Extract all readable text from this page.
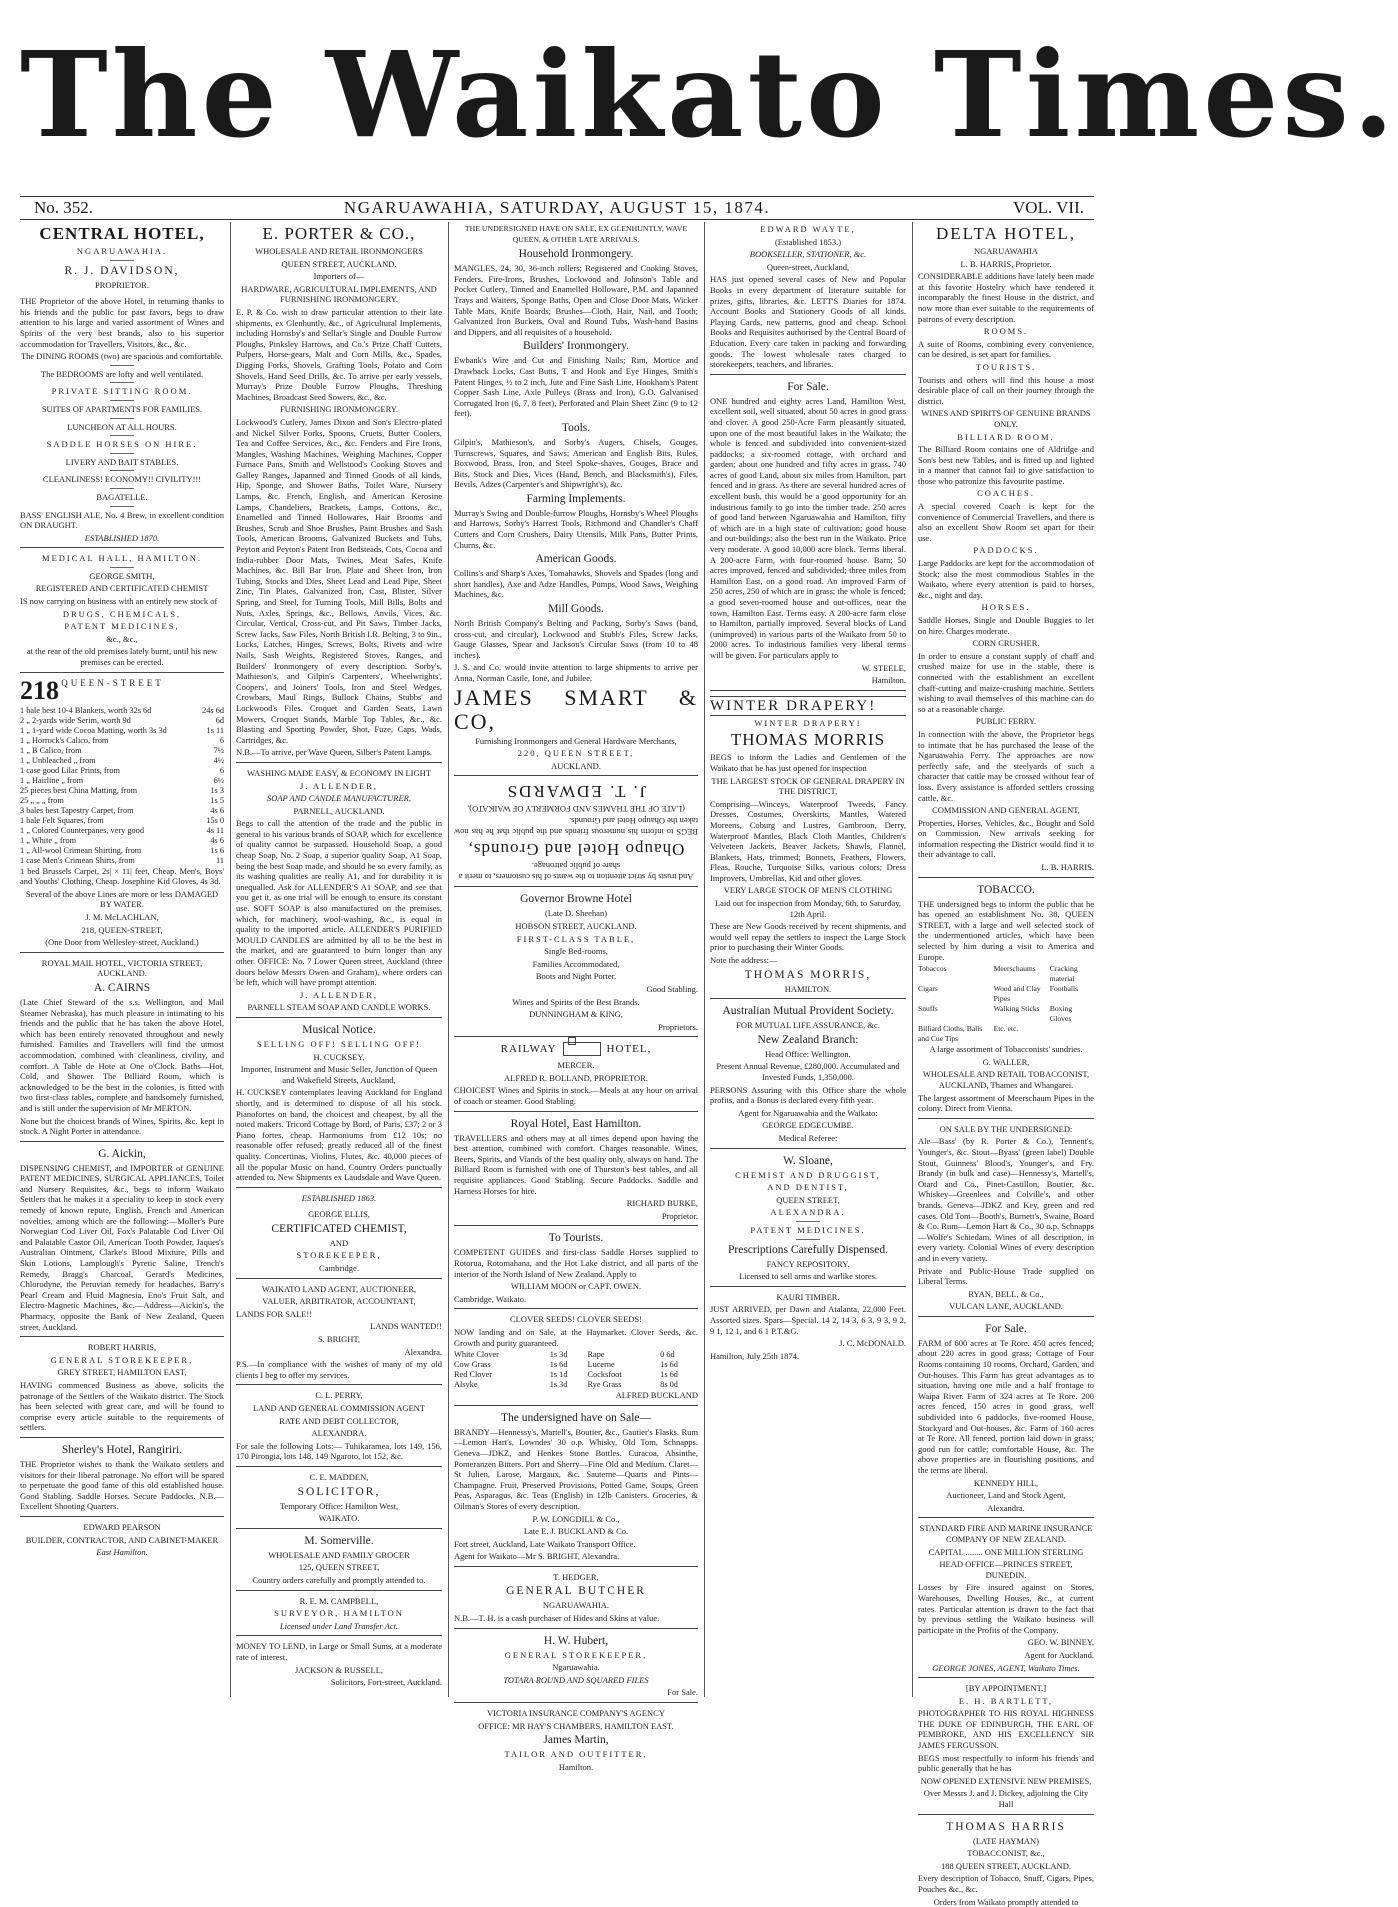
The Waikato Times.
No. 352.	NGARUAWAHIA, SATURDAY, AUGUST 15, 1874.	VOL. VII.

CENTRAL HOTEL,

NGARUAWAHIA.

R. J. DAVIDSON,

PROPRIETOR.

THE Proprietor of the above Hotel, in returning thanks to his friends and the public for past favors, begs to draw attention to his large and varied assortment of Wines and Spirits of the very best brands, also to his superior accommodation for Travellers, Visitors, &c., &c.

The DINING ROOMS (two) are spacious and comfortable.

The BEDROOMS are lofty and well ventilated.

PRIVATE SITTING ROOM.

SUITES OF APARTMENTS FOR FAMILIES.

LUNCHEON AT ALL HOURS.

SADDLE HORSES ON HIRE.

LIVERY AND BAIT STABLES.

CLEANLINESS! ECONOMY!! CIVILITY!!!

BAGATELLE.

BASS' ENGLISH ALE, No. 4 Brew, in excellent condition ON DRAUGHT.

ESTABLISHED 1870.

MEDICAL HALL, HAMILTON.

GEORGE SMITH,

REGISTERED AND CERTIFICATED CHEMIST

IS now carrying on business with an entirely new stock of

DRUGS, CHEMICALS,

PATENT MEDICINES,

&c., &c.,

at the rear of the old premises lately burnt, until his new premises can be erected.

218 QUEEN-STREET

1 bale best 10-4 Blankets, worth 32s 6d	24s 6d
2 „ 2-yards wide Serim, worth 9d	6d
1 „ 1-yard wide Cocoa Matting, worth 3s 3d	1s 11
1 „ Horrock's Calico, from	6
1 „ B Calico, from	7½
1 „ Unbleached „ from	4½
1 case good Lilac Prints, from	6
1 „ Hairline „ from	6½
25 pieces best China Matting, from	1s 3
25 „ „ „ from	1s 5
3 bales best Tapestry Carpet, from	4s 6
1 bale Felt Squares, from	15s 0
1 „ Colored Counterpanes, very good	4s 11
1 „ White „ from	4s 6
1 „ All-wool Crimean Shirting, from	1s 6
1 case Men's Crimean Shirts, from	11

1 bed Brussels Carpet, 2s| × 11| feet, Cheap. Men's, Boys' and Youths' Clothing, Cheap. Josephine Kid Gloves, 4s 3d.

Several of the above Lines are more or less DAMAGED BY WATER.

J. M. McLACHLAN,

218, QUEEN-STREET,

(One Door from Wellesley-street, Auckland.)

ROYAL MAIL HOTEL, VICTORIA STREET, AUCKLAND.

A. CAIRNS

(Late Chief Steward of the s.s. Wellington, and Mail Steamer Nebraska), has much pleasure in intimating to his friends and the public that he has taken the above Hotel, which has been entirely renovated throughout and newly furnished. Families and Travellers will find the utmost accommodation, combined with cleanliness, civility, and comfort. A Table de Hote at One o'Clock. Baths—Hot, Cold, and Shower. The Billiard Room, which is acknowledged to be the best in the colonies, is fitted with two first-class tables, complete and handsomely furnished, and is still under the supervision of Mr MERTON.

None but the choicest brands of Wines, Spirits, &c. kept in stock. A Night Porter in attendance.

G. Aickin,

DISPENSING CHEMIST, and IMPORTER of GENUINE PATENT MEDICINES, SURGICAL APPLIANCES, Toilet and Nursery Requisites, &c., begs to inform Waikato Settlers that he makes it a speciality to keep in stock every remedy of known repute, English, French and American novelties, among which are the following:—Moller's Pure Norwegian Cod Liver Oil, Fox's Palatable Cod Liver Oil and Palatable Castor Oil, American Tooth Powder, Jaques's Australian Ointment, Clarke's Blood Mixture, Pills and Skin Lotions, Lamplough's Pyretic Saline, Trench's Remedy, Bragg's Charcoal, Gerard's Medicines, Chlorodyne, the Peruvian remedy for headaches, Barry's Pearl Cream and Fluid Magnesia, Eno's Fruit Salt, and Electro-Magnetic Machines, &c.—Address—Aickin's, the Pharmacy, opposite the Bank of New Zealand, Queen street, Auckland.

ROBERT HARRIS,

GENERAL STOREKEEPER,

GREY STREET, HAMILTON EAST,

HAVING commenced Business as above, solicits the patronage of the Settlers of the Waikato district. The Stock has been selected with great care, and will be found to comprise every article suitable to the requirements of settlers.

Sherley's Hotel, Rangiriri.

THE Proprietor wishes to thank the Waikato settlers and visitors for their liberal patronage. No effort will be spared to perpetuate the good fame of this old established house. Good Stabling. Saddle Horses. Secure Paddocks. N.B.—Excellent Shooting Quarters.

EDWARD PEARSON

BUILDER, CONTRACTOR, AND CABINET-MAKER

East Hamilton.

E. PORTER & CO.,

WHOLESALE AND RETAIL IRONMONGERS

QUEEN STREET, AUCKLAND.

Importers of—

HARDWARE, AGRICULTURAL IMPLEMENTS, AND FURNISHING IRONMONGERY.

E. P. & Co. wish to draw particular attention to their late shipments, ex Glenhuntly, &c., of Agricultural Implements, including Hornsby's and Sellar's Single and Double Furrow Ploughs, Pinksley Harrows, and Co.'s Prize Chaff Cutters, Pulpers, Horse-gears, Malt and Corn Mills, &c., Spades, Digging Forks, Shovels, Grafting Tools, Potato and Corn Shovels, Hand Seed Drills, &c. To arrive per early vessels, Murray's Prize Double Furrow Ploughs, Threshing Machines, Broadcast Seed Sowers, &c., &c.

FURNISHING IRONMONGERY.

Lockwood's Cutlery, James Dixon and Son's Electro-plated and Nickel Silver Forks, Spoons, Cruets, Butter Coolers, Tea and Coffee Services, &c., &c. Fenders and Fire Irons, Mangles, Washing Machines, Weighing Machines, Copper Furnace Pans, Smith and Wellstood's Cooking Stoves and Galley Ranges, Japanned and Tinned Goods of all kinds, Hip, Sponge, and Shower Baths, Toilet Ware, Nursery Lamps, &c. French, English, and American Kerosine Lamps, Chandeliers, Brackets, Lamps, Cottons, &c., Enamelled and Tinned Hollowares, Hair Brooms and Brushes, Scrub and Shoe Brushes, Paint Brushes and Sash Tools, American Brooms, Galvanized Buckets and Tubs, Peyton and Peyton's Patent Iron Bedsteads, Cots, Cocoa and India-rubber Door Mats, Twines, Meat Safes, Knife Machines, &c. Bill Bar Iron, Plate and Sheet Iron, Iron Tubing, Stocks and Dies, Sheet Lead and Lead Pipe, Sheet Zinc, Tin Plates, Galvanized Iron, Cast, Blister, Silver Spring, and Steel, for Turning Tools, Mill Bills, Bolts and Nuts, Axles, Springs, &c., Bellows, Anvils, Vices, &c. Circular, Vertical, Cross-cut, and Pit Saws, Timber Jacks, Screw Jacks, Saw Files, North British I.R. Belting, 3 to 9in., Locks, Latches, Hinges, Screws, Bolts, Rivets and wire Nails, Sash Weights, Registered Stoves, Ranges, and Builders' Ironmongery of every description. Sorby's, Mathieson's, and Gilpin's Carpenters', Wheelwrights', Coopers', and Joiners' Tools, Iron and Steel Wedges, Crowbars, Maul Rings, Bullock Chains, Stubbs' and Lockwood's Files. Croquet and Garden Seats, Lawn Mowers, Croquet Stands, Marble Top Tables, &c., &c. Blasting and Sporting Powder, Shot, Fuze, Caps, Wads, Cartridges, &c.

N.B.—To arrive, per Wave Queen, Silber's Patent Lamps.

WASHING MADE EASY, & ECONOMY IN LIGHT

J. ALLENDER,

SOAP AND CANDLE MANUFACTURER,

PARNELL, AUCKLAND.

Begs to call the attention of the trade and the public in general to his various brands of SOAP, which for excellence of quality cannot be surpassed. Household Soap, a good cheap Soap, No. 2 Soap, a superior quality Soap, A1 Soap, being the best Soap made, and should be so every family, as its washing qualities are really A1, and for durability it is unequalled. Ask for ALLENDER'S A1 SOAP, and see that you get it, as one trial will be enough to ensure its constant use. SOFT SOAP is also manufactured on the premises, which, for machinery, wool-washing, &c., is equal in quality to the imported article. ALLENDER'S PURIFIED MOULD CANDLES are admitted by all to be the best in the market, and are guaranteed to burn longer than any other. OFFICE: No. 7 Lower Queen street, Auckland (three doors below Messrs Owen and Graham), where orders can be left, which will have prompt attention.

J. ALLENDER,

PARNELL STEAM SOAP AND CANDLE WORKS.

Musical Notice.

SELLING OFF! SELLING OFF!

H. CUCKSEY,

Importer, Instrument and Music Seller, Junction of Queen and Wakefield Streets, Auckland,

H. CUCKSEY contemplates leaving Auckland for England shortly, and is determined to dispose of all his stock. Pianofortes on hand, the choicest and cheapest, by all the noted makers. Tricord Cottage by Bord, of Paris, £37; 2 or 3 Piano fortes, cheap. Harmoniums from £12 10s; no reasonable offer refused; greatly reduced all of the finest quality. Concertinas, Violins, Flutes, &c. 40,000 pieces of all the popular Music on hand. Country Orders punctually attended to. New Shipments ex Laudsdale and Wave Queen.

ESTABLISHED 1863.

GEORGE ELLIS,

CERTIFICATED CHEMIST,

AND

STOREKEEPER,

Cambridge.

WAIKATO LAND AGENT, AUCTIONEER,

VALUER, ARBITRATOR, ACCOUNTANT,

LANDS FOR SALE!!

LANDS WANTED!!

S. BRIGHT,

Alexandra.

P.S.—In compliance with the wishes of many of my old clients I beg to offer my services.

C. L. PERRY,

LAND AND GENERAL COMMISSION AGENT

RATE AND DEBT COLLECTOR,

ALEXANDRA.

For sale the following Lots:— Tuhikaramea, lots 149, 156, 170 Pirongia, lots 148, 149 Ngaroto, lot 152, &c.

C. E. MADDEN,

SOLICITOR,

Temporary Office: Hamilton West,

WAIKATO.

M. Somerville.

WHOLESALE AND FAMILY GROCER

125, QUEEN STREET,

Country orders carefully and promptly attended to.

R. E. M. CAMPBELL,

SURVEYOR, HAMILTON

Licensed under Land Transfer Act.

MONEY TO LEND, in Large or Small Sums, at a moderate rate of interest.

JACKSON & RUSSELL,

Solicitors, Fort-street, Auckland.

THE UNDERSIGNED HAVE ON SALE, EX GLENHUNTLY, WAVE QUEEN, & OTHER LATE ARRIVALS.

Household Ironmongery.

MANGLES, 24, 30, 36-inch rollers; Registered and Cooking Stoves, Fenders, Fire-Irons, Brushes, Lockwood and Johnson's Table and Pocket Cutlery, Tinned and Enamelled Holloware, P.M. and Japanned Trays and Waiters, Sponge Baths, Open and Close Door Mats, Wicker Table Mats, Knife Boards; Brushes—Cloth, Hair, Nail, and Tooth; Galvanized Iron Buckets, Oval and Round Tubs, Wash-hand Basins and Dippers, and all requisites of a household.

Builders' Ironmongery.

Ewbank's Wire and Cut and Finishing Nails; Rim, Mortice and Drawback Locks, Cast Butts, T and Hook and Eye Hinges, Smith's Patent Hinges, ½ to 2 inch, Jute and Fine Sash Line, Hookham's Patent Copper Sash Line, Axle Pulleys (Brass and Iron), G.O. Galvanised Corrugated Iron (6, 7, 8 feet), Perforated and Plain Sheet Zinc (9 to 12 feet).

Tools.

Gilpin's, Mathieson's, and Sorby's Augers, Chisels, Gouges, Turnscrews, Squares, and Saws; American and English Bits, Rules, Boxwood, Brass, Iron, and Steel Spoke-shaves, Gouges, Brace and Bits, Stock and Dies, Vices (Hand, Bench, and Blacksmith's), Files, Bevils, Adzes (Carpenter's and Shipwright's), &c.

Farming Implements.

Murray's Swing and Double-furrow Ploughs, Hornsby's Wheel Ploughs and Harrows, Sorby's Harrest Tools, Richmond and Chandler's Chaff Cutters and Corn Crushers, Dairy Utensils, Milk Pans, Butter Prints, Churns, &c.

American Goods.

Collins's and Sharp's Axes, Tomahawks, Shovels and Spades (long and short handles), Axe and Adze Handles, Pumps, Wood Saws, Weighing Machines, &c.

Mill Goods.

North British Company's Belting and Packing, Sorby's Saws (band, cross-cut, and circular), Lockwood and Stubb's Files, Screw Jacks, Gauge Glasses, Spear and Jackson's Circular Saws (from 10 to 48 inches).

J. S. and Co. would invite attention to large shipments to arrive per Anna, Norman Castle, Ione, and Jubilee.

JAMES SMART & CO,

Furnishing Ironmongers and General Hardware Merchants,

220, QUEEN STREET,

AUCKLAND.

And trusts by strict attention to the wants of his customers, to merit a share of public patronage.

Ohaupo Hotel and Grounds,

BEGS to inform his numerous friends and the public that he has now taken the Ohaupo Hotel and Grounds.

(LATE OF THE THAMES AND FORMERLY OF WAIKATO),

J. T. EDWARDS

Governor Browne Hotel

(Late D. Sheehan)

HOBSON STREET, AUCKLAND.

FIRST-CLASS TABLE,

Single Bed-rooms,

Families Accommodated,

Boots and Night Porter.

Good Stabling.

Wines and Spirits of the Best Brands.

DUNNINGHAM & KING,

Proprietors.

RAILWAY	HOTEL,

MERCER.

ALFRED R. BOLLAND, PROPRIETOR.

CHOICEST Wines and Spirits in stock.—Meals at any hour on arrival of coach or steamer. Good Stabling.

Royal Hotel, East Hamilton.

TRAVELLERS and others may at all times depend upon having the best attention, combined with comfort. Charges reasonable. Wines, Beers, Spirits, and Viands of the best quality only, always on hand. The Billiard Room is furnished with one of Thurston's best tables, and all requisite appliances. Good Stabling. Secure Paddocks. Saddle and Harness Horses for hire.

RICHARD BURKE,

Proprietor.

To Tourists.

COMPETENT GUIDES and first-class Saddle Horses supplied to Rotorua, Rotomahana, and the Hot Lake district, and all parts of the interior of the North Island of New Zealand. Apply to

WILLIAM MOON or CAPT. OWEN.

Cambridge, Waikato.

CLOVER SEEDS! CLOVER SEEDS!

NOW landing and on Sale, at the Haymarket. Clover Seeds, &c. Growth and purity guaranteed.

White Clover	1s 3d	Rape	0 6d
Cow Grass	1s 6d	Lucerne	1s 6d
Red Clover	1s 1d	Cocksfoot	1s 6d
Alsyke	1s 3d	Rye Grass	8s 0d

ALFRED BUCKLAND

The undersigned have on Sale—

BRANDY—Hennessy's, Martell's, Boutier, &c., Gautier's Flasks. Rum—Lemon Hart's, Lowndes' 30 o.p. Whisky, Old Tom, Schnapps. Geneva—JDKZ, and Henkes Stone Bottles. Curacoa, Absinthe, Pomeranzen Bitters. Port and Sherry—Fine Old and Medium. Claret—St Julien, Larose, Margaux, &c. Sauterne—Quarts and Pints—Champagne. Fruit, Preserved Provisions, Potted Game, Soups, Green Peas, Asparagus, &c. Teas (English) in 12lb Canisters. Groceries, & Oilman's Stores of every description.

P. W. LONGDILL & Co.,

Late E. J. BUCKLAND & Co.

Fort street, Auckland, Late Waikato Transport Office.

Agent for Waikato—Mr S. BRIGHT, Alexandra.

T. HEDGER,

GENERAL BUTCHER

NGARUAWAHIA.

N.B.—T. H. is a cash purchaser of Hides and Skins at value.

H. W. Hubert,

GENERAL STOREKEEPER,

Ngaruawahia.

TOTARA ROUND AND SQUARED FILES

For Sale.

VICTORIA INSURANCE COMPANY'S AGENCY

OFFICE: MR HAY'S CHAMBERS, HAMILTON EAST.

James Martin,

TAILOR AND OUTFITTER,

Hamilton.

EDWARD WAYTE,

(Established 1853.)

BOOKSELLER, STATIONER, &c.

Queen-street, Auckland,

HAS just opened several cases of New and Popular Books in every department of literature suitable for prizes, gifts, libraries, &c. LETT'S Diaries for 1874. Account Books and Stationery Goods of all kinds. Playing Cards, new patterns, good and cheap. School Books and Requisites authorised by the Central Board of Education. Every care taken in packing and forwarding goods. The lowest wholesale rates charged to storekeepers, teachers, and libraries.

For Sale.

ONE hundred and eighty acres Land, Hamilton West, excellent soil, well situated, about 50 acres in good grass and clover. A good 250-Acre Farm pleasantly situated, upon one of the most beautiful lakes in the Waikato; the whole is fenced and subdivided into convenient-sized paddocks; a six-roomed cottage, with orchard and garden; about one hundred and fifty acres in grass. 740 acres of good Land, about six miles from Hamilton, part fenced and in grass. As there are several hundred acres of excellent bush, this would be a good opportunity for an industrious family to go into the timber trade. 250 acres of good land between Ngaruawahia and Hamilton, fifty of which are in a high state of cultivation; good house and out-buildings; also the best run in the Waikato. Price very moderate. A good 10,000 acre block. Terms liberal. A 200-acre Farm, with four-roomed house. Barn; 50 acres improved, fenced and subdivided; three miles from Hamilton East, on a good road. An improved Farm of 250 acres, 250 of which are in grass; the whole is fenced; a good seven-roomed house and out-offices, near the town, Hamilton East. Terms easy. A 200-acre farm close to Hamilton, partially improved. Several blocks of Land (unimproved) in various parts of the Waikato from 50 to 2000 acres. To industrious families very liberal terms will be given. For particulars apply to

W. STEELE,

Hamilton.

WINTER DRAPERY!

WINTER DRAPERY!

THOMAS MORRIS

BEGS to inform the Ladies and Gentlemen of the Waikato that he has just opened for inspection

THE LARGEST STOCK OF GENERAL DRAPERY IN THE DISTRICT,

Comprising—Winceys, Waterproof Tweeds, Fancy Dresses, Costumes, Overskirts, Mantles, Watered Moreens, Coburg and Lustres, Gambroon, Derry, Waterproof Mantles, Black Cloth Mantles, Children's Velveteen Jackets, Beaver Jackets, Shawls, Flannel, Blankets, Hats, trimmed; Bonnets, Feathers, Flowers, Fleas, Rouche, Turquoise Silks, various colors; Dress Improvers, Umbrellas, Kid and other gloves.

VERY LARGE STOCK OF MEN'S CLOTHING

Laid out for inspection from Monday, 6th, to Saturday, 12th April.

These are New Goods received by recent shipments, and would well repay the settlers to inspect the Large Stock prior to purchasing their Winter Goods.

Note the address:—

THOMAS MORRIS,

HAMILTON.

Australian Mutual Provident Society.

FOR MUTUAL LIFE ASSURANCE, &c.

New Zealand Branch:

Head Office: Wellington.

Present Annual Revenue, £280,000. Accumulated and Invested Funds, 1,350,000.

PERSONS Assuring with this Office share the whole profits, and a Bonus is declared every fifth year.

Agent for Ngaruawahia and the Waikato:

GEORGE EDGECUMBE.

Medical Referee:

W. Sloane,

CHEMIST AND DRUGGIST,

AND DENTIST,

QUEEN STREET,

ALEXANDRA.

PATENT MEDICINES.

Prescriptions Carefully Dispensed.

FANCY REPOSITORY.

Licensed to sell arms and warlike stores.

KAURI TIMBER.

JUST ARRIVED, per Dawn and Atalanta, 22,000 Feet. Assorted sizes. Spars—Special. 14 2, 14 3, 6 3, 9 3, 9 2, 9 1, 12 1, and 6 1 P.T.&G.

J. C. McDONALD.

Hamilton, July 25th 1874.

DELTA HOTEL,

NGARUAWAHIA

L. B. HARRIS, Proprietor.

CONSIDERABLE additions have lately been made at this favorite Hostelry which have rendered it incomparably the finest House in the district, and now more than ever suitable to the requirements of patrons of every description.

ROOMS.

A suite of Rooms, combining every convenience, can be desired, is set apart for families.

TOURISTS.

Tourists and others will find this house a most desirable place of call on their journey through the district.

WINES AND SPIRITS OF GENUINE BRANDS ONLY.

BILLIARD ROOM.

The Billiard Room contains one of Aldridge and Son's best new Tables, and is fitted up and lighted in a manner that cannot fail to give satisfaction to those who patronize this favourite pastime.

COACHES.

A special covered Coach is kept for the convenience of Commercial Travellers, and there is also an excellent Show Room set apart for their use.

PADDOCKS.

Large Paddocks are kept for the accommodation of Stock; also the most commodious Stables in the Waikato, where every attention is paid to horses, &c., night and day.

HORSES.

Saddle Horses, Single and Double Buggies to let on hire. Charges moderate.

CORN CRUSHER.

In order to ensure a constant supply of chaff and crushed maize for use in the stable, there is connected with the establishment an excellent chaff-cutting and maize-crushing machine. Settlers wishing to avail themselves of this machine can do so at a reasonable charge.

PUBLIC FERRY.

In connection with the above, the Proprietor begs to intimate that he has purchased the lease of the Ngaruawahia Ferry. The approaches are now perfectly safe, and the steelyards of such a character that cattle may be crossed without fear of loss. Every assistance is afforded settlers crossing cattle, &c.

COMMISSION AND GENERAL AGENT,

Properties, Horses, Vehicles, &c., Bought and Sold on Commission. New arrivals seeking for information respecting the District would find it to their advantage to call.

L. B. HARRIS.

TOBACCO.

THE undersigned begs to inform the public that he has opened an establishment No. 38, QUEEN STREET, with a large and well selected stock of the undermentioned articles, which have been selected by him during a visit to America and Europe.

Tobaccos	Meerschaums	Cracking material
Cigars	Wood and Clay Pipes	Footballs
Snuffs	Walking Sticks	Boxing Gloves
Billiard Cloths, Balls and Cue Tips	Etc. etc.	

A large assortment of Tobacconists' sundries.

G. WALLER,

WHOLESALE AND RETAIL TOBACCONIST, AUCKLAND, Thames and Whangarei.

The largest assortment of Meerschaum Pipes in the colony. Direct from Vienna.

ON SALE BY THE UNDERSIGNED:

Ale—Bass' (by R. Porter & Co.), Tennent's, Younger's, &c. Stout—Byass' (green label) Double Stout, Guinness' Blood's, Younger's, and Fry. Brandy (in bulk and case)—Hennessy's, Martell's, Otard and Co., Pinet-Castillon, Boutier, &c. Whiskey—Greenlees and Colville's, and other brands. Geneva—JDKZ and Key, green and red cases. Old Tom—Booth's, Burnett's, Swaine, Board & Co. Rum—Lemon Hart & Co., 30 o.p. Schnapps—Wolfe's Schiedam. Wines of all description, in every variety. Colonial Wines of every description and in every variety.

Private and Public-House Trade supplied on Liberal Terms.

RYAN, BELL, & Co.,

VULCAN LANE, AUCKLAND.

For Sale.

FARM of 600 acres at Te Rore. 450 acres fenced; about 220 acres in good grass; Cottage of Four Rooms containing 10 rooms, Orchard, Garden, and Out-houses. This Farm has great advantages as to situation, having one mile and a half frontage to Waipa River. Farm of 324 acres at Te Rore. 200 acres fenced, 150 acres in good grass, well subdivided into 6 paddocks, five-roomed House, Stockyard and Out-houses, &c. Farm of 160 acres at Te Rore. All fenced, portion laid down in grass; good run for cattle; comfortable House, &c. The above properties are in flourishing positions, and the terms are liberal.

KENNEDY HILL,

Auctioneer, Land and Stock Agent,

Alexandra.

STANDARD FIRE AND MARINE INSURANCE COMPANY OF NEW ZEALAND.

CAPITAL ........ ONE MILLION STERLING

HEAD OFFICE—PRINCES STREET, DUNEDIN.

Losses by Fire insured against on Stores, Warehouses, Dwelling Houses, &c., at current rates. Particular attention is drawn to the fact that by previous settling the Waikato business will participate in the Profits of the Company.

GEO. W. BINNEY,

Agent for Auckland.

GEORGE JONES, AGENT, Waikato Times.

[BY APPOINTMENT.]

E. H. BARTLETT,

PHOTOGRAPHER TO HIS ROYAL HIGHNESS THE DUKE OF EDINBURGH, THE EARL OF PEMBROKE, AND HIS EXCELLENCY SIR JAMES FERGUSSON.

BEGS most respectfully to inform his friends and public generally that he has

NOW OPENED EXTENSIVE NEW PREMISES,

Over Messrs J. and J. Dickey, adjoining the City Hall

THOMAS HARRIS

(LATE HAYMAN)

TOBACCONIST, &c.,

188 QUEEN STREET, AUCKLAND.

Every description of Tobacco, Snuff, Cigars, Pipes, Pouches &c., &c.

Orders from Waikato promptly attended to
